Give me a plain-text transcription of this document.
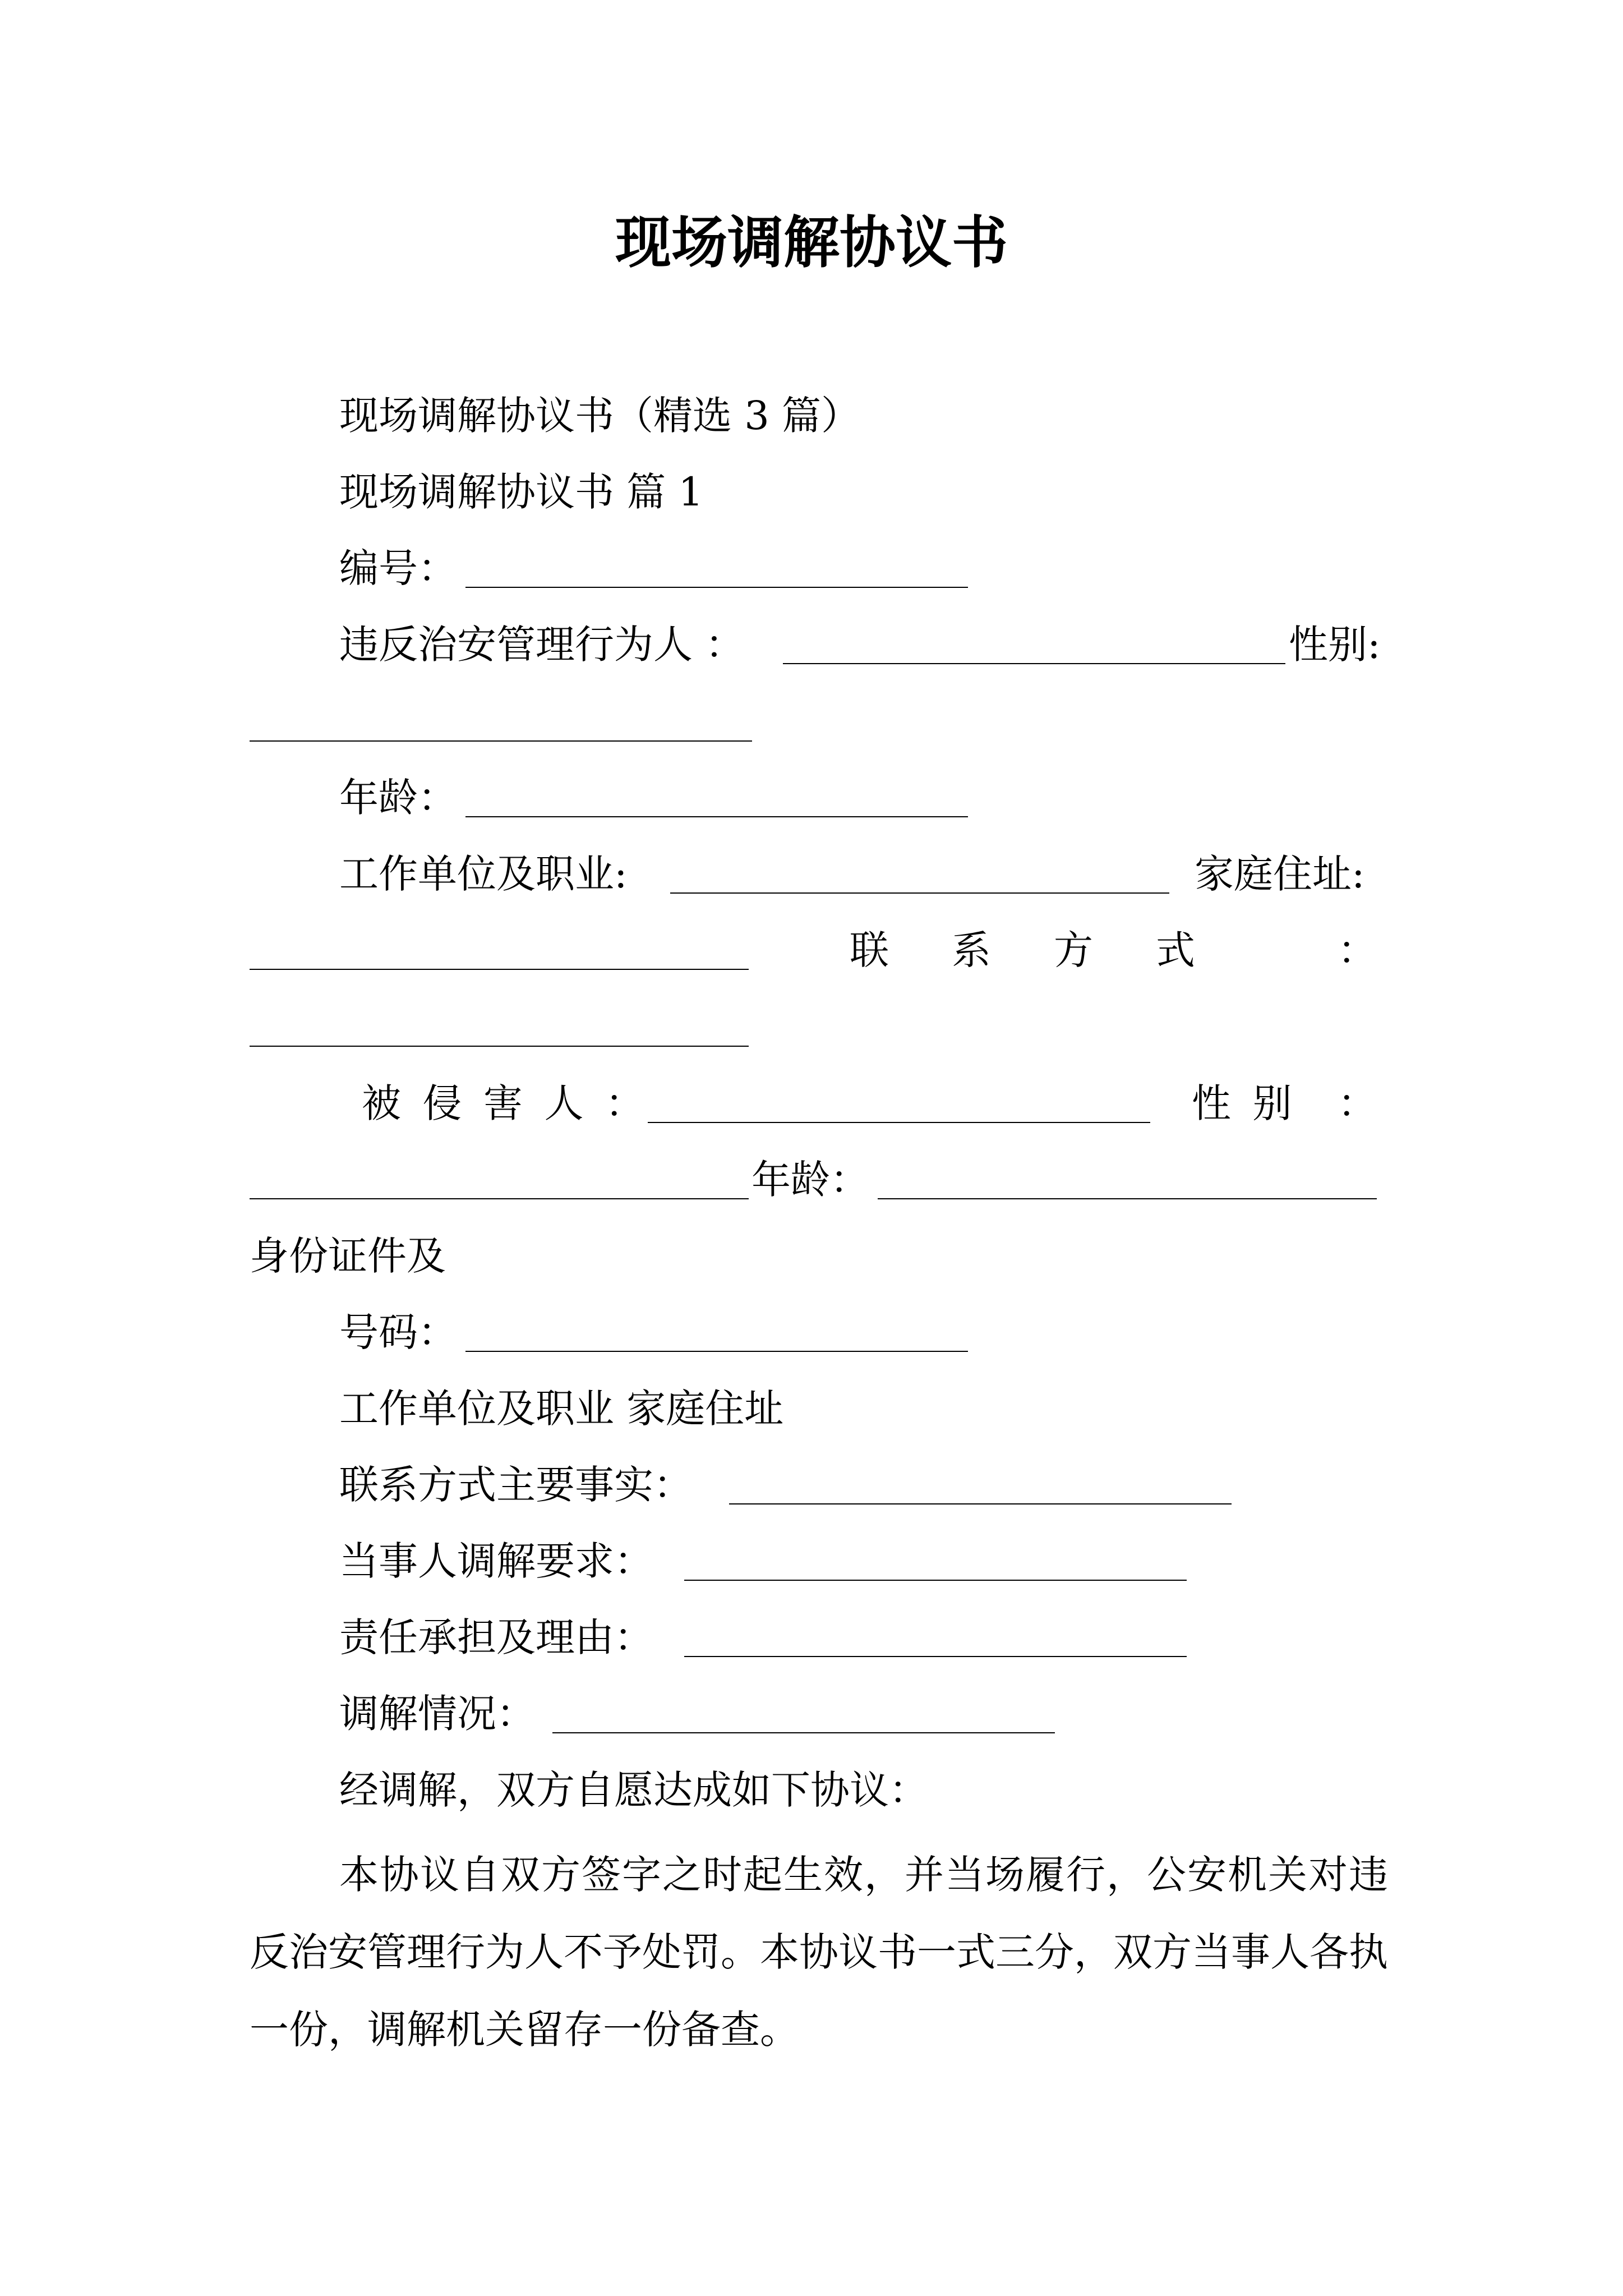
现场调解协议书
现场调解协议书（精选 3 篇）
现场调解协议书 篇 1
编号：
违反治安管理行为人 ：	性别:
年龄：
工作单位及职业:	家庭住址:
联系方式 ：
被侵害人：	性别 ：
年龄：
身份证件及
号码：
工作单位及职业 家庭住址
联系方式主要事实：
当事人调解要求：
责任承担及理由：
调解情况：
经调解，双方自愿达成如下协议：
本协议自双方签字之时起生效，并当场履行，公安机关对违反治安管理行为人不予处罚。本协议书一式三分，双方当事人各执一份，调解机关留存一份备查。
